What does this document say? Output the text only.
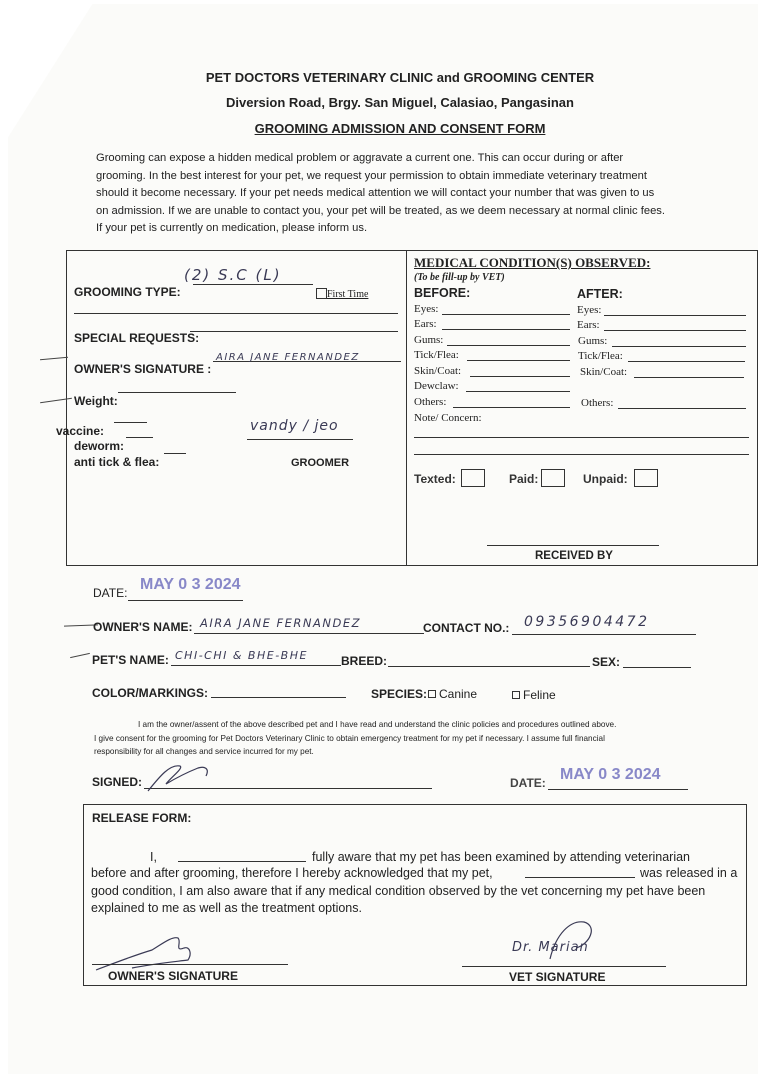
PET DOCTORS VETERINARY CLINIC and GROOMING CENTER
Diversion Road, Brgy. San Miguel, Calasiao, Pangasinan
GROOMING ADMISSION AND CONSENT FORM
Grooming can expose a hidden medical problem or aggravate a current one. This can occur during or after
grooming. In the best interest for your pet, we request your permission to obtain immediate veterinary treatment
should it become necessary. If your pet needs medical attention we will contact your number that was given to us
on admission. If we are unable to contact you, your pet will be treated, as we deem necessary at normal clinic fees.
If your pet is currently on medication, please inform us.
GROOMING TYPE:
(2) S.C (L)
First Time
SPECIAL REQUESTS:
OWNER'S SIGNATURE :
AIRA JANE FERNANDEZ
Weight:
vaccine:
deworm:
anti tick & flea:
vandy / jeo
GROOMER
MEDICAL CONDITION(S) OBSERVED:
(To be fill-up by VET)
BEFORE:	AFTER:
Eyes:	Eyes:
Ears:	Ears:
Gums:	Gums:
Tick/Flea:	Tick/Flea:
Skin/Coat:	Skin/Coat:
Dewclaw:
Others:	Others:
Note/ Concern:
Texted:	Paid:	Unpaid:
RECEIVED BY
DATE: MAY 0 3 2024
OWNER'S NAME: AIRA JANE FERNANDEZ	CONTACT NO.: 09356904472
PET'S NAME: CHI-CHI & BHE-BHE	BREED:	SEX:
COLOR/MARKINGS:	SPECIES: Canine	Feline
I am the owner/assent of the above described pet and I have read and understand the clinic policies and procedures outlined above.
I give consent for the grooming for Pet Doctors Veterinary Clinic to obtain emergency treatment for my pet if necessary. I assume full financial
responsibility for all changes and service incurred for my pet.
SIGNED:	DATE: MAY 0 3 2024
RELEASE FORM:
I,	fully aware that my pet has been examined by attending veterinarian
before and after grooming, therefore I hereby acknowledged that my pet,	was released in a
good condition, I am also aware that if any medical condition observed by the vet concerning my pet have been
explained to me as well as the treatment options.
OWNER'S SIGNATURE
Dr. Marian
VET SIGNATURE
